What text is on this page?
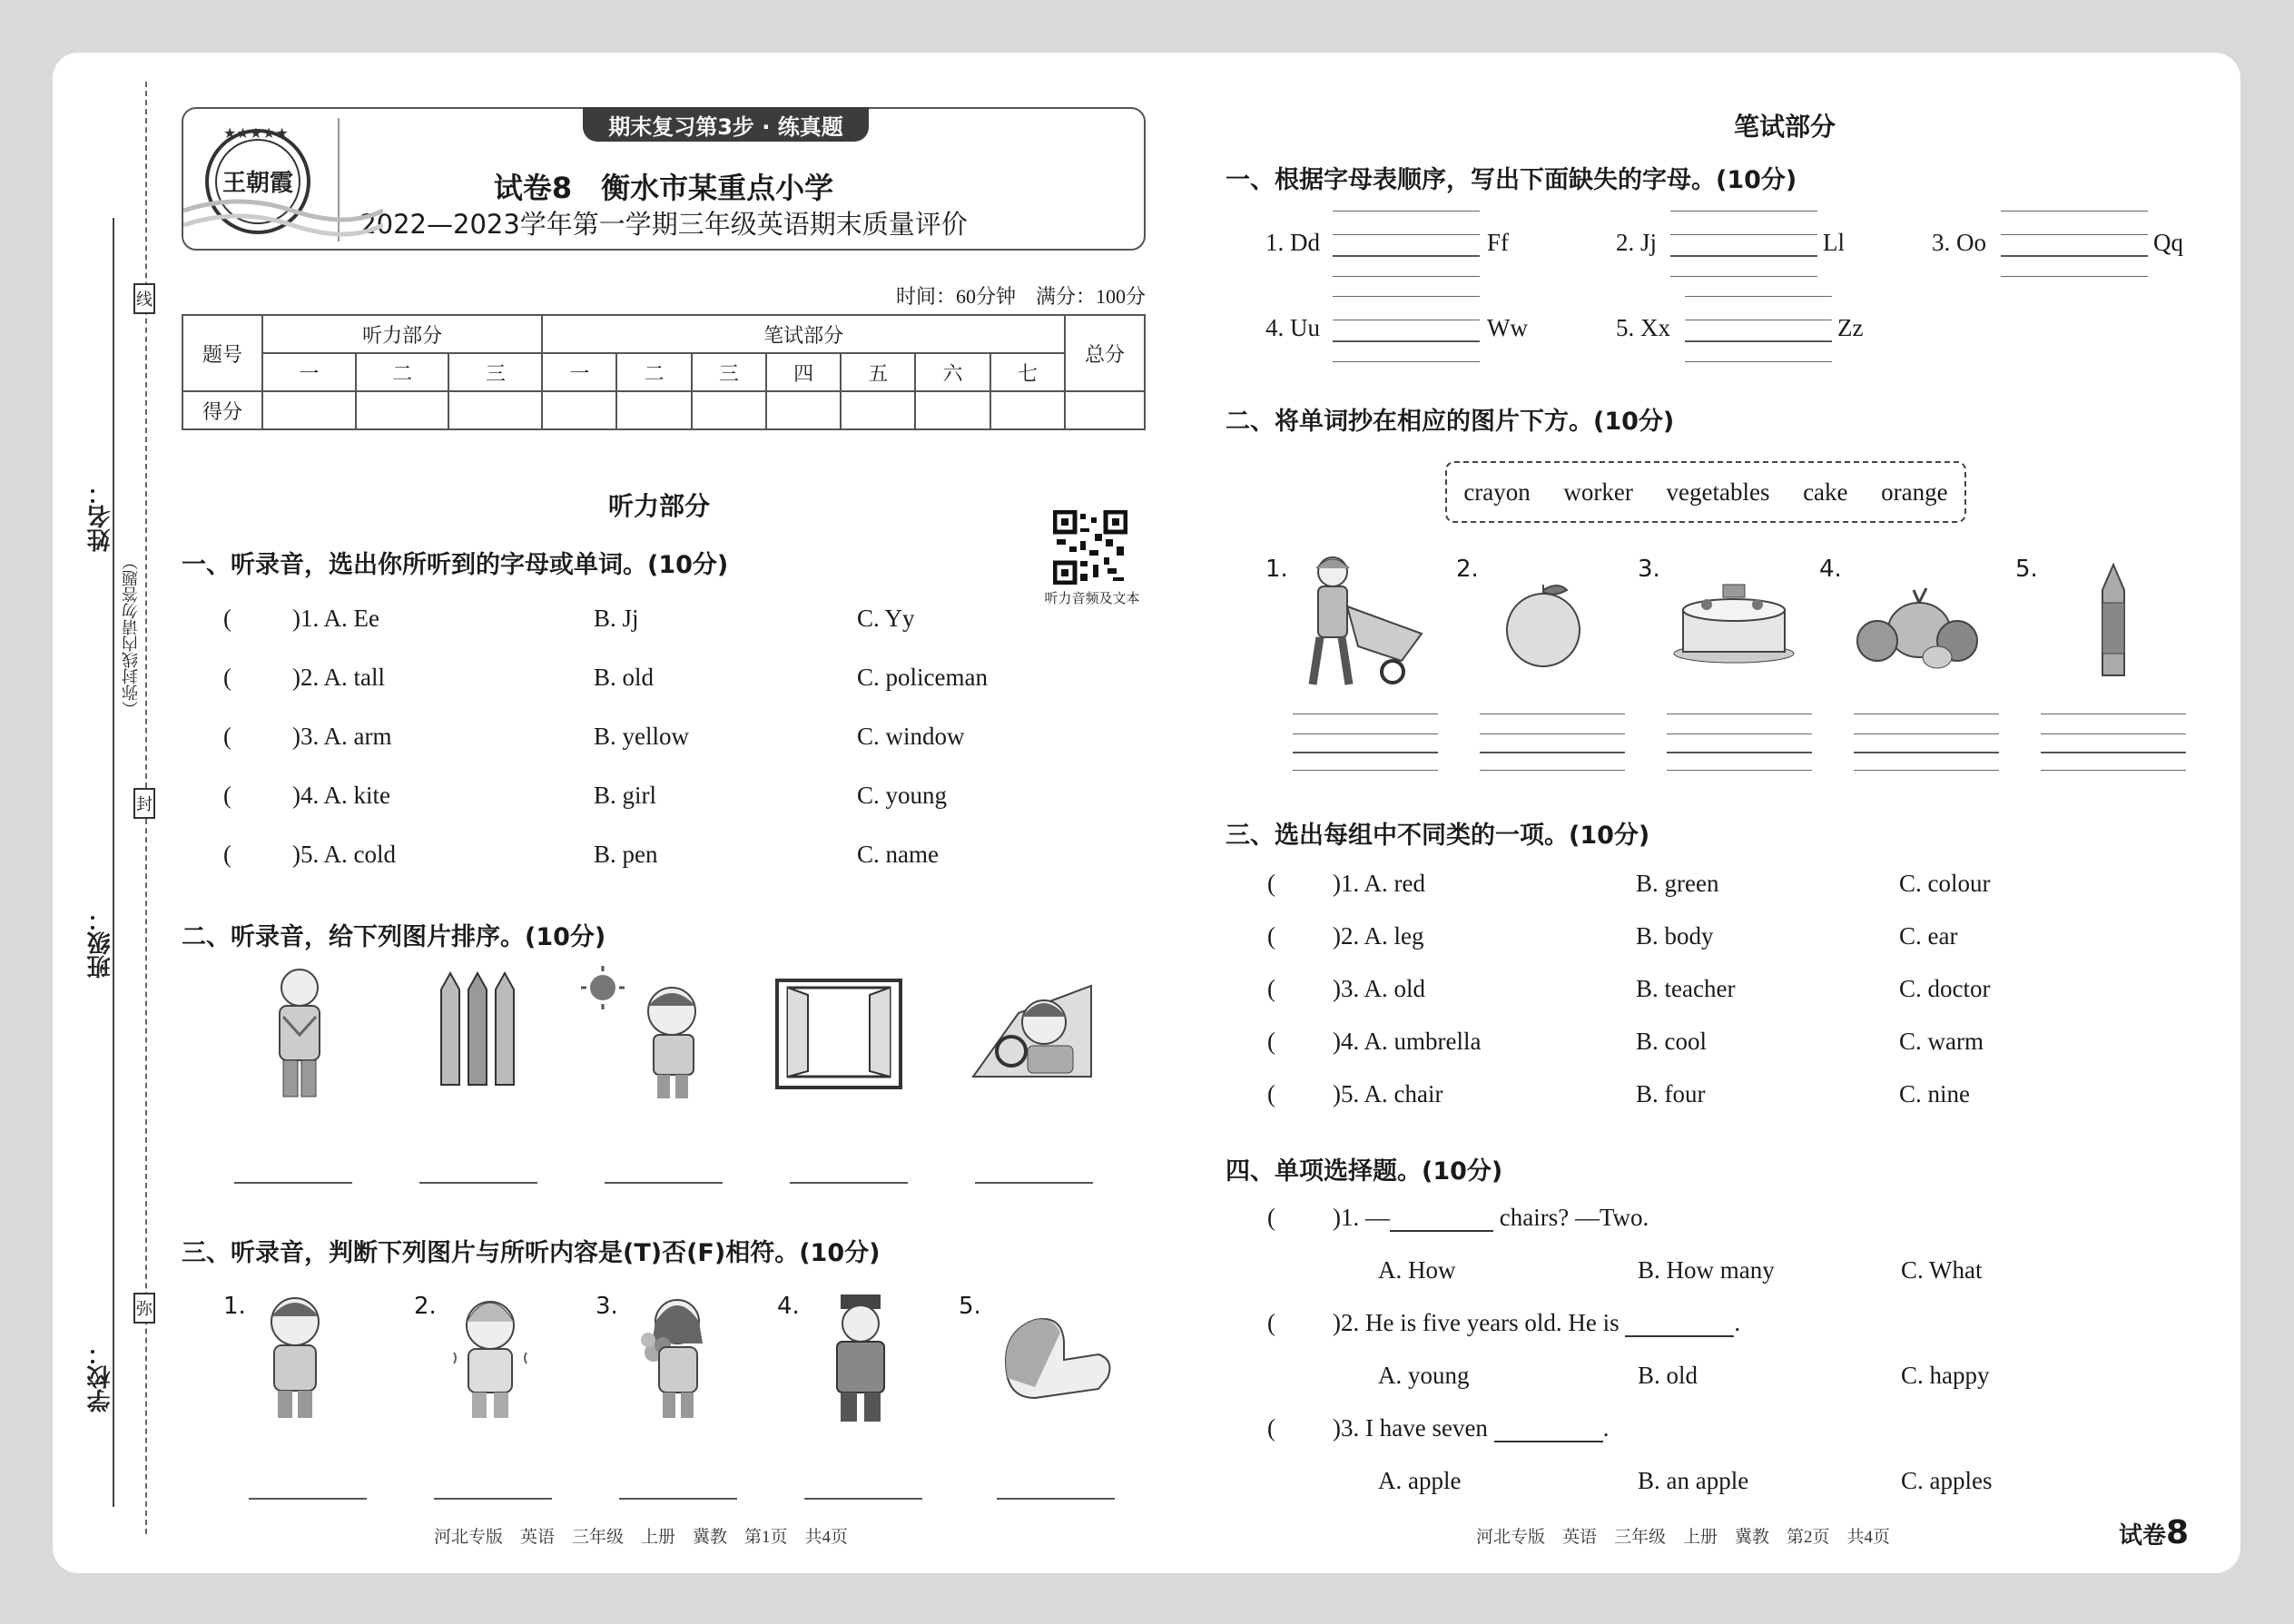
线
封
弥
姓名：
班级：
学校：
（弥封线内请勿答题）
期末复习第3步 · 练真题
试卷8　衡水市某重点小学
2022—2023学年第一学期三年级英语期末质量评价
★★★★★
王朝霞
时间：60分钟　满分：100分
题号	听力部分			笔试部分							总分
	一	二	三	一	二	三	四	五	六	七	
得分											
听力部分
听力音频及文本
一、听录音，选出你所听到的字母或单词。(10分)
( )1. A. Ee	B. Jj	C. Yy
( )2. A. tall	B. old	C. policeman
( )3. A. arm	B. yellow	C. window
( )4. A. kite	B. girl	C. young
( )5. A. cold	B. pen	C. name
二、听录音，给下列图片排序。(10分)
三、听录音，判断下列图片与所听内容是(T)否(F)相符。(10分)
1.	2.	3.	4.	5.
河北专版　英语　三年级　上册　冀教　第1页　共4页
笔试部分
一、根据字母表顺序，写出下面缺失的字母。(10分)
1. Dd	Ff	2. Jj	Ll	3. Oo	Qq
4. Uu	Ww	5. Xx	Zz
二、将单词抄在相应的图片下方。(10分)
crayon worker vegetables cake orange
1.	2.	3.	4.	5.
三、选出每组中不同类的一项。(10分)
( )1. A. red	B. green	C. colour
( )2. A. leg	B. body	C. ear
( )3. A. old	B. teacher	C. doctor
( )4. A. umbrella	B. cool	C. warm
( )5. A. chair	B. four	C. nine
四、单项选择题。(10分)
( )1. —	chairs? —Two.
A. How	B. How many	C. What
( )2. He is five years old. He is	.
A. young	B. old	C. happy
( )3. I have seven	.
A. apple	B. an apple	C. apples
河北专版　英语　三年级　上册　冀教　第2页　共4页	试卷8
